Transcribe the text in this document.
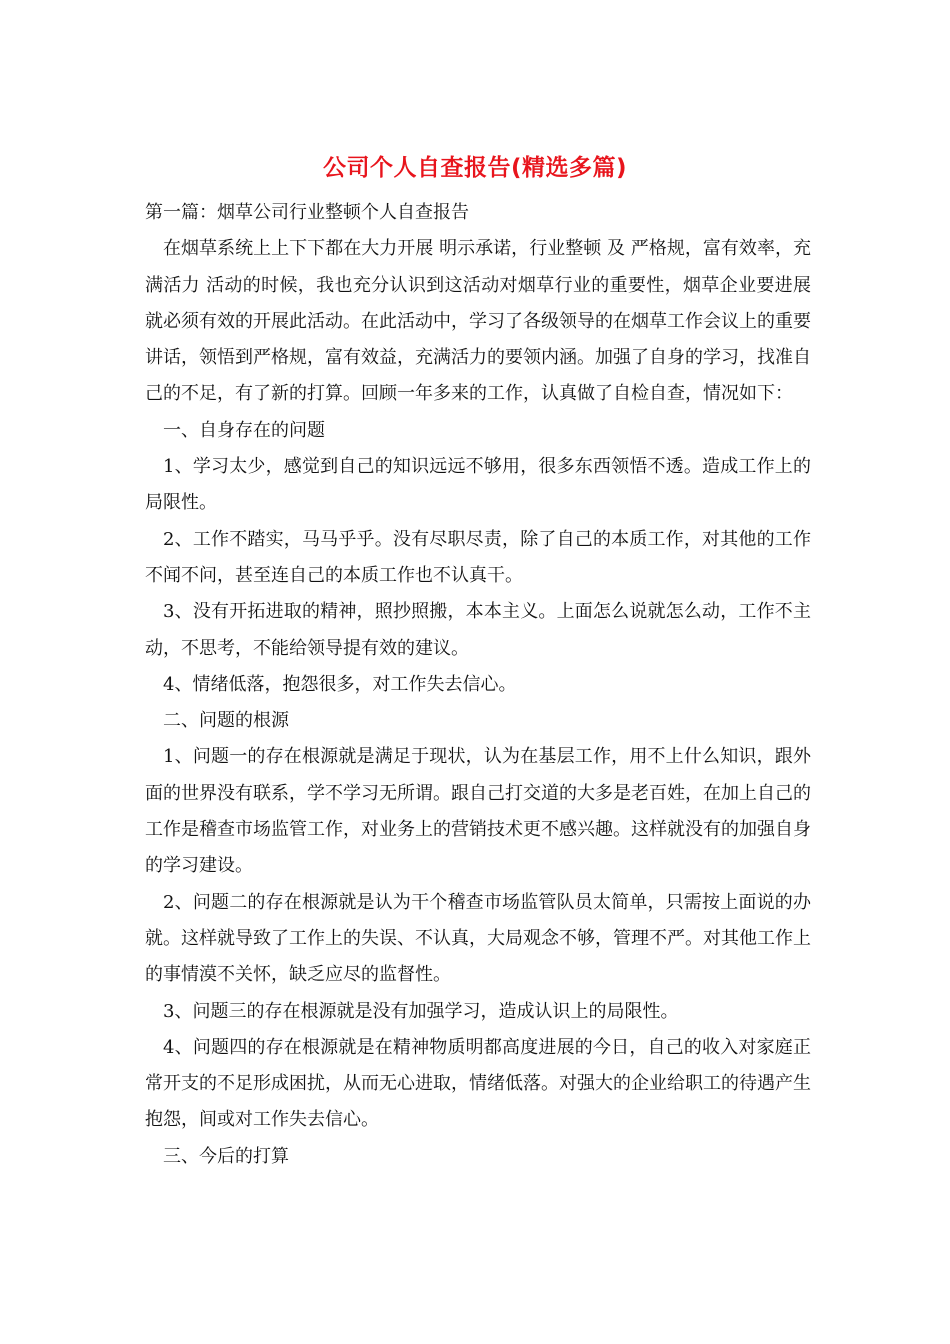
公司个人自查报告(精选多篇)

第一篇：烟草公司行业整顿个人自查报告

在烟草系统上上下下都在大力开展 明示承诺，行业整顿 及 严格规，富有效率，充满活力 活动的时候，我也充分认识到这活动对烟草行业的重要性，烟草企业要进展就必须有效的开展此活动。在此活动中，学习了各级领导的在烟草工作会议上的重要讲话，领悟到严格规，富有效益，充满活力的要领内涵。加强了自身的学习，找准自己的不足，有了新的打算。回顾一年多来的工作，认真做了自检自查，情况如下：

一、自身存在的问题

1、学习太少，感觉到自己的知识远远不够用，很多东西领悟不透。造成工作上的局限性。

2、工作不踏实，马马乎乎。没有尽职尽责，除了自己的本质工作，对其他的工作不闻不问，甚至连自己的本质工作也不认真干。

3、没有开拓进取的精神，照抄照搬，本本主义。上面怎么说就怎么动，工作不主动，不思考，不能给领导提有效的建议。

4、情绪低落，抱怨很多，对工作失去信心。

二、问题的根源

1、问题一的存在根源就是满足于现状，认为在基层工作，用不上什么知识，跟外面的世界没有联系，学不学习无所谓。跟自己打交道的大多是老百姓，在加上自己的工作是稽查市场监管工作，对业务上的营销技术更不感兴趣。这样就没有的加强自身的学习建设。

2、问题二的存在根源就是认为干个稽查市场监管队员太简单，只需按上面说的办就。这样就导致了工作上的失误、不认真，大局观念不够，管理不严。对其他工作上的事情漠不关怀，缺乏应尽的监督性。

3、问题三的存在根源就是没有加强学习，造成认识上的局限性。

4、问题四的存在根源就是在精神物质明都高度进展的今日，自己的收入对家庭正常开支的不足形成困扰，从而无心进取，情绪低落。对强大的企业给职工的待遇产生抱怨，间或对工作失去信心。

三、今后的打算
